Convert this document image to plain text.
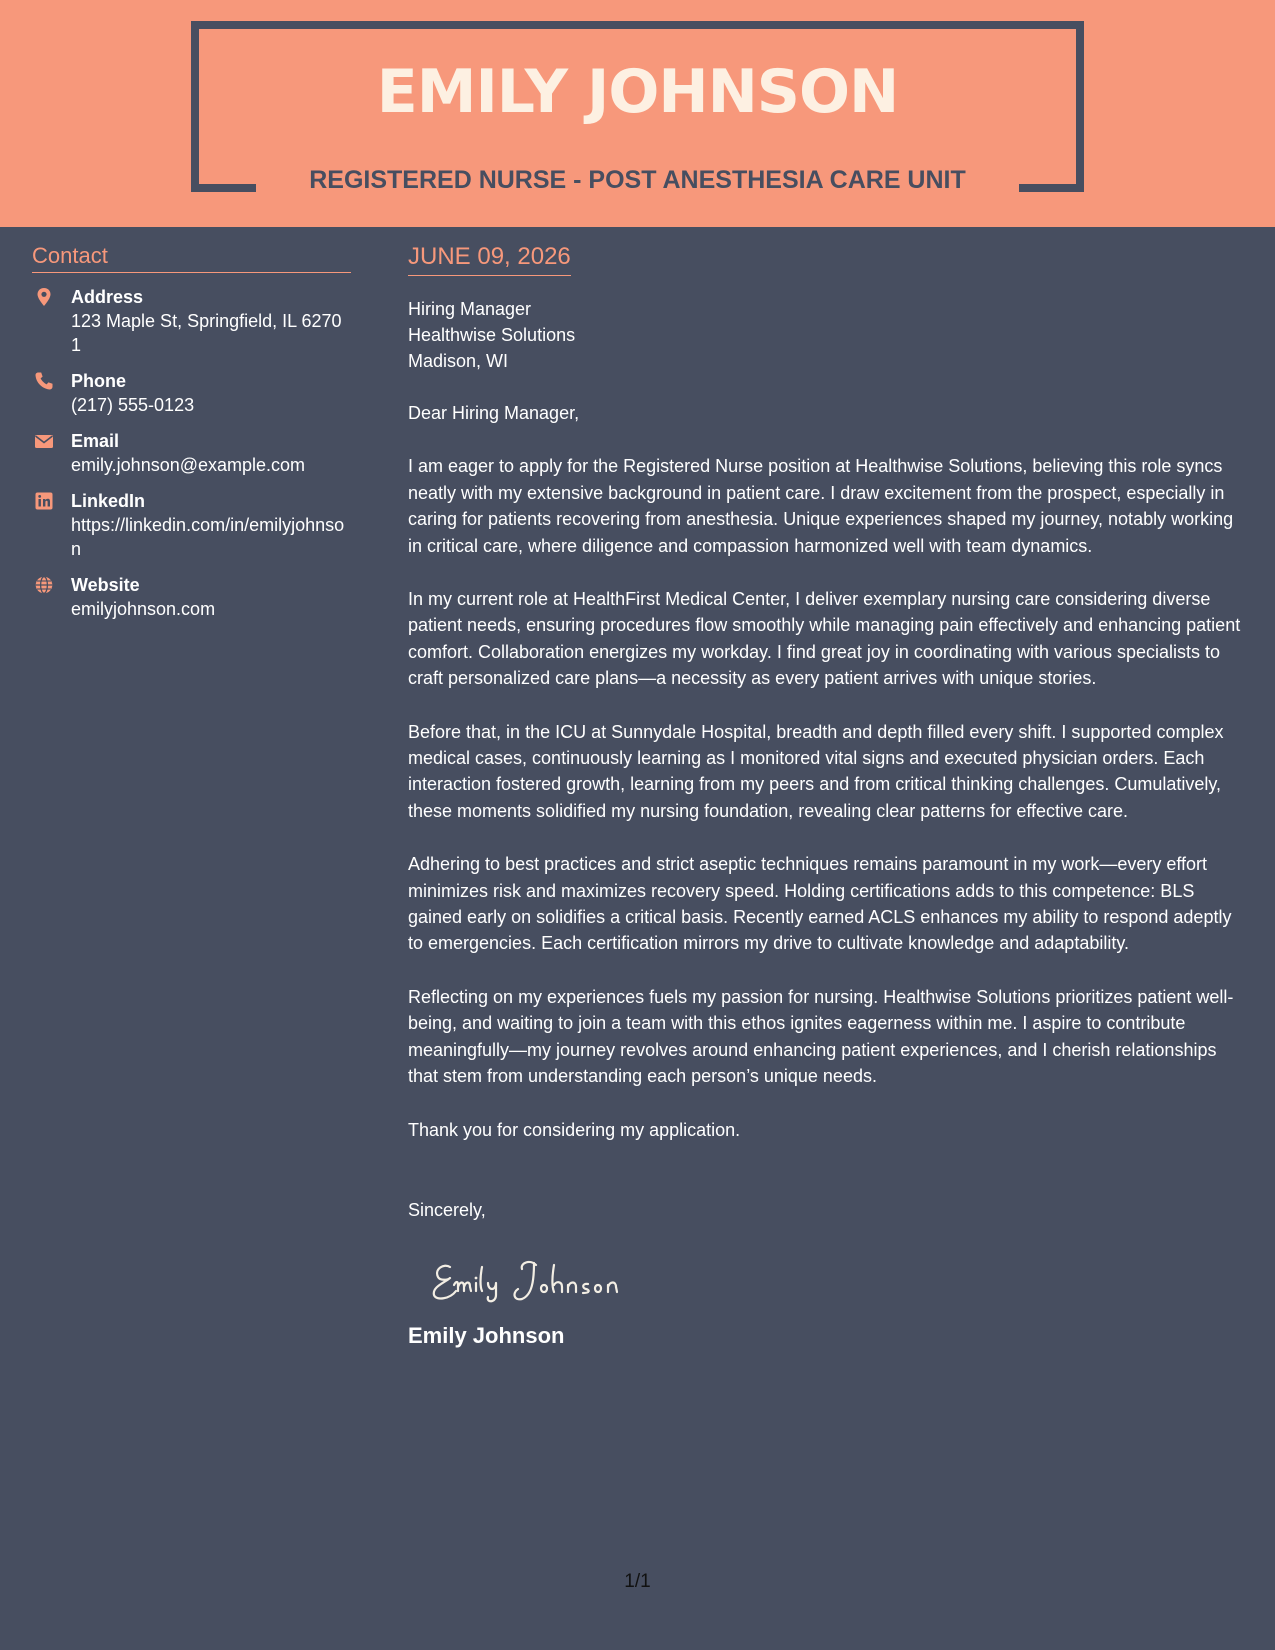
EMILY JOHNSON
REGISTERED NURSE - POST ANESTHESIA CARE UNIT
Contact
Address
123 Maple St, Springfield, IL 62701
Phone
(217) 555-0123
Email
emily.johnson@example.com
LinkedIn
https://linkedin.com/in/emilyjohnson
Website
emilyjohnson.com
JUNE 09, 2026
Hiring Manager
Healthwise Solutions
Madison, WI
Dear Hiring Manager,
I am eager to apply for the Registered Nurse position at Healthwise Solutions, believing this role syncs neatly with my extensive background in patient care. I draw excitement from the prospect, especially in caring for patients recovering from anesthesia. Unique experiences shaped my journey, notably working in critical care, where diligence and compassion harmonized well with team dynamics.
In my current role at HealthFirst Medical Center, I deliver exemplary nursing care considering diverse patient needs, ensuring procedures flow smoothly while managing pain effectively and enhancing patient comfort. Collaboration energizes my workday. I find great joy in coordinating with various specialists to craft personalized care plans—a necessity as every patient arrives with unique stories.
Before that, in the ICU at Sunnydale Hospital, breadth and depth filled every shift. I supported complex medical cases, continuously learning as I monitored vital signs and executed physician orders. Each interaction fostered growth, learning from my peers and from critical thinking challenges. Cumulatively, these moments solidified my nursing foundation, revealing clear patterns for effective care.
Adhering to best practices and strict aseptic techniques remains paramount in my work—every effort minimizes risk and maximizes recovery speed. Holding certifications adds to this competence: BLS gained early on solidifies a critical basis. Recently earned ACLS enhances my ability to respond adeptly to emergencies. Each certification mirrors my drive to cultivate knowledge and adaptability.
Reflecting on my experiences fuels my passion for nursing. Healthwise Solutions prioritizes patient well-being, and waiting to join a team with this ethos ignites eagerness within me. I aspire to contribute meaningfully—my journey revolves around enhancing patient experiences, and I cherish relationships that stem from understanding each person’s unique needs.
Thank you for considering my application.
Sincerely,
Emily Johnson
1/1
